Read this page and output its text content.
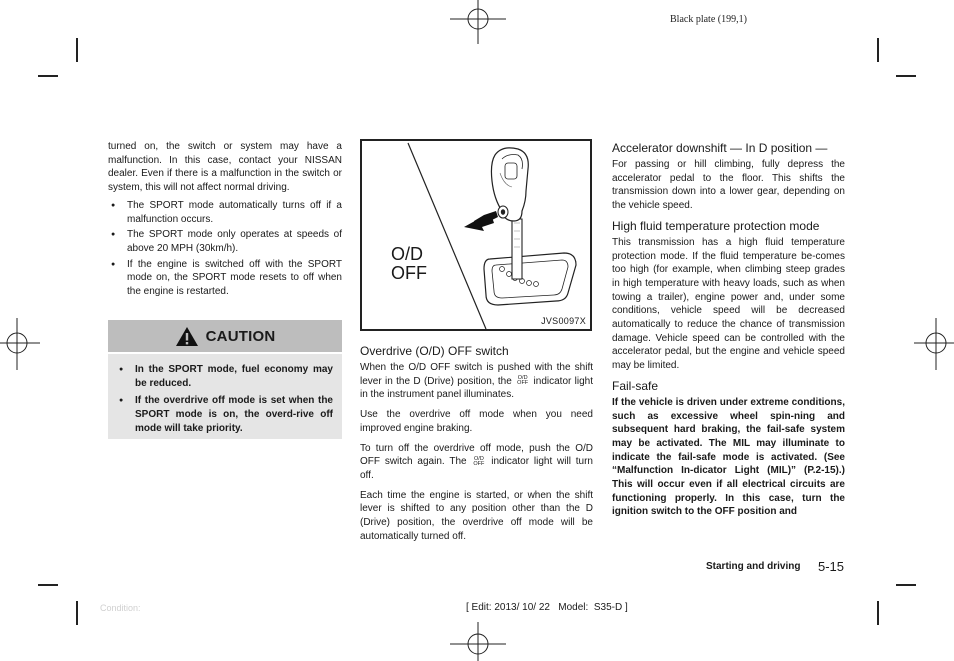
Black plate (199,1)

turned on, the switch or system may have a malfunction. In this case, contact your NISSAN dealer. Even if there is a malfunction in the switch or system, this will not affect normal driving.

● The SPORT mode automatically turns off if a malfunction occurs.

● The SPORT mode only operates at speeds of above 20 MPH (30km/h).

● If the engine is switched off with the SPORT mode on, the SPORT mode resets to off when the engine is restarted.

CAUTION

● In the SPORT mode, fuel economy may be reduced.

● If the overdrive off mode is set when the SPORT mode is on, the overd-rive off mode will take priority.

O/D OFF
JVS0097X

Overdrive (O/D) OFF switch

When the O/D OFF switch is pushed with the shift lever in the D (Drive) position, the O/D
OFF indicator light in the instrument panel illuminates.

Use the overdrive off mode when you need improved engine braking.

To turn off the overdrive off mode, push the O/D OFF switch again. The O/D
OFF indicator light will turn off.

Each time the engine is started, or when the shift lever is shifted to any position other than the D (Drive) position, the overdrive off mode will be automatically turned off.

Accelerator downshift — In D position —

For passing or hill climbing, fully depress the accelerator pedal to the floor. This shifts the transmission down into a lower gear, depending on the vehicle speed.

High fluid temperature protection mode

This transmission has a high fluid temperature protection mode. If the fluid temperature be-comes too high (for example, when climbing steep grades in high temperature with heavy loads, such as when towing a trailer), engine power and, under some conditions, vehicle speed will be decreased automatically to reduce the chance of transmission damage. Vehicle speed can be controlled with the accelerator pedal, but the engine and vehicle speed may be limited.

Fail-safe

If the vehicle is driven under extreme conditions, such as excessive wheel spin-ning and subsequent hard braking, the fail-safe system may be activated. The MIL may illuminate to indicate the fail-safe mode is activated. (See “Malfunction In-dicator Light (MIL)” (P.2-15).) This will occur even if all electrical circuits are functioning properly. In this case, turn the ignition switch to the OFF position and

Starting and driving 5-15
Condition:	[ Edit: 2013/ 10/ 22   Model:  S35-D ]
